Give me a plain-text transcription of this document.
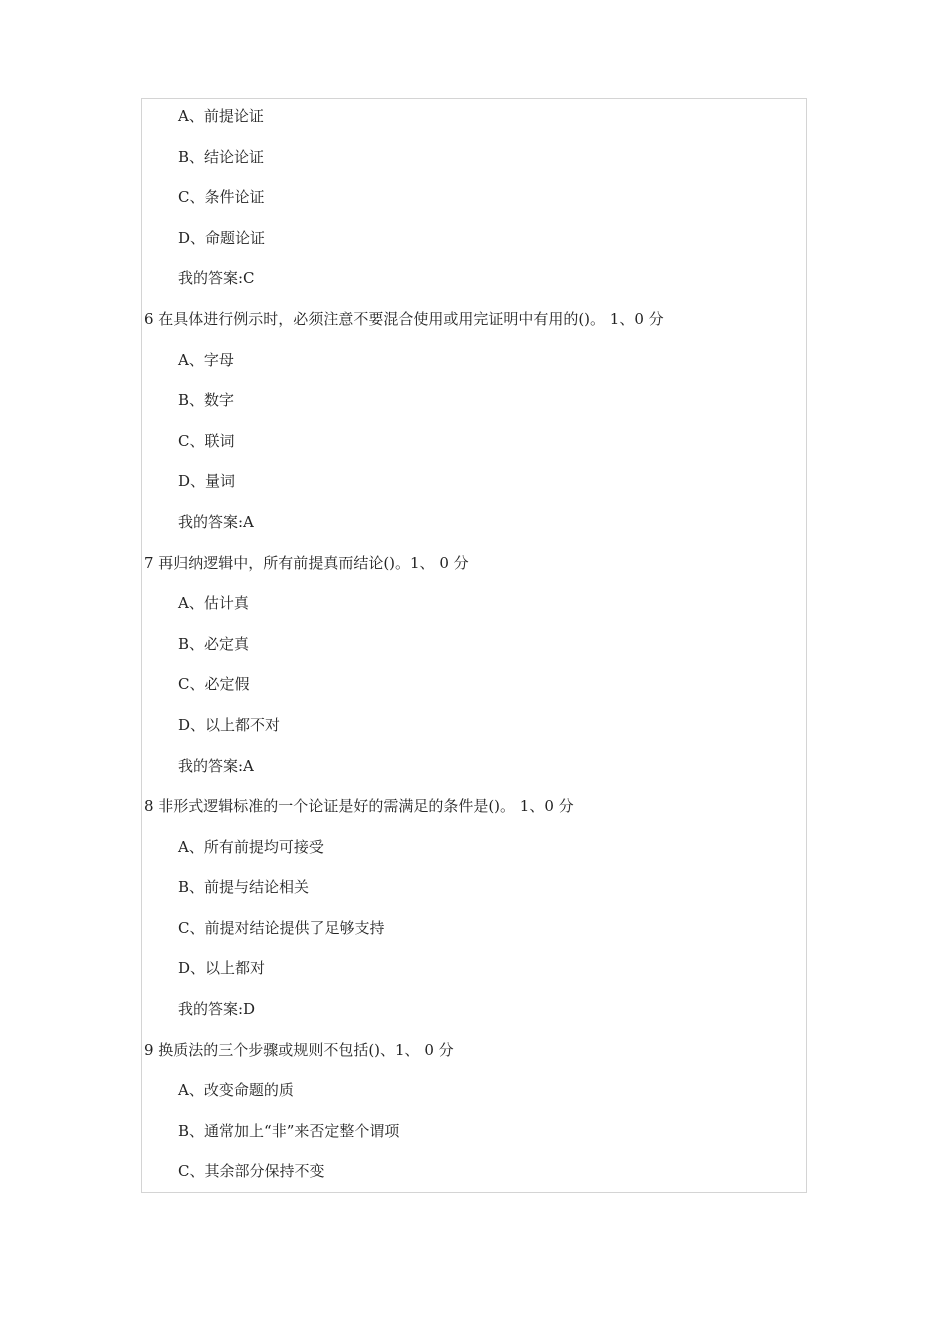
A、前提论证
B、结论论证
C、条件论证
D、命题论证
我的答案:C
6 在具体进行例示时，必须注意不要混合使用或用完证明中有用的()。 1、0 分
A、字母
B、数字
C、联词
D、量词
我的答案:A
7 再归纳逻辑中，所有前提真而结论()。1、 0 分
A、估计真
B、必定真
C、必定假
D、以上都不对
我的答案:A
8 非形式逻辑标准的一个论证是好的需满足的条件是()。 1、0 分
A、所有前提均可接受
B、前提与结论相关
C、前提对结论提供了足够支持
D、以上都对
我的答案:D
9 换质法的三个步骤或规则不包括()、1、 0 分
A、改变命题的质
B、通常加上“非”来否定整个谓项
C、其余部分保持不变
